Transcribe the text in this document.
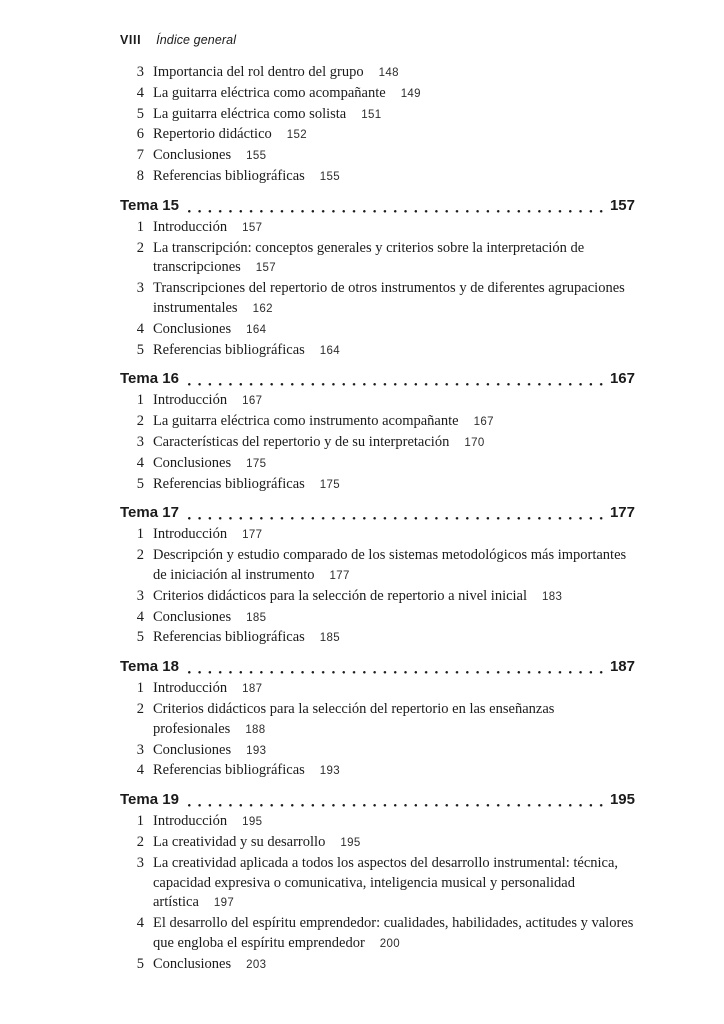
VIII Índice general
3 Importancia del rol dentro del grupo 148
4 La guitarra eléctrica como acompañante 149
5 La guitarra eléctrica como solista 151
6 Repertorio didáctico 152
7 Conclusiones 155
8 Referencias bibliográficas 155
Tema 15	157
1 Introducción 157
2 La transcripción: conceptos generales y criterios sobre la interpretación de transcripciones 157
3 Transcripciones del repertorio de otros instrumentos y de diferentes agrupaciones instrumentales 162
4 Conclusiones 164
5 Referencias bibliográficas 164
Tema 16	167
1 Introducción 167
2 La guitarra eléctrica como instrumento acompañante 167
3 Características del repertorio y de su interpretación 170
4 Conclusiones 175
5 Referencias bibliográficas 175
Tema 17	177
1 Introducción 177
2 Descripción y estudio comparado de los sistemas metodológicos más importantes de iniciación al instrumento 177
3 Criterios didácticos para la selección de repertorio a nivel inicial 183
4 Conclusiones 185
5 Referencias bibliográficas 185
Tema 18	187
1 Introducción 187
2 Criterios didácticos para la selección del repertorio en las enseñanzas profesionales 188
3 Conclusiones 193
4 Referencias bibliográficas 193
Tema 19	195
1 Introducción 195
2 La creatividad y su desarrollo 195
3 La creatividad aplicada a todos los aspectos del desarrollo instrumental: técnica, capacidad expresiva o comunicativa, inteligencia musical y personalidad artística 197
4 El desarrollo del espíritu emprendedor: cualidades, habilidades, actitudes y valores que engloba el espíritu emprendedor 200
5 Conclusiones 203
